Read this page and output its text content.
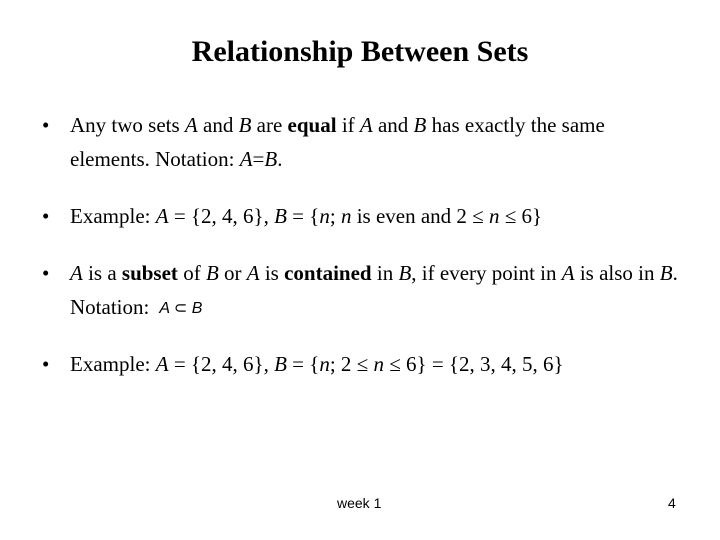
Relationship Between Sets
• Any two sets A and B are equal if A and B has exactly the same elements. Notation: A=B.
• Example: A = {2, 4, 6}, B = {n; n is even and 2 ≤ n ≤ 6}
• A is a subset of B or A is contained in B, if every point in A is also in B. Notation: A ⊂ B
• Example: A = {2, 4, 6}, B = {n; 2 ≤ n ≤ 6} = {2, 3, 4, 5, 6}
week 1	4
